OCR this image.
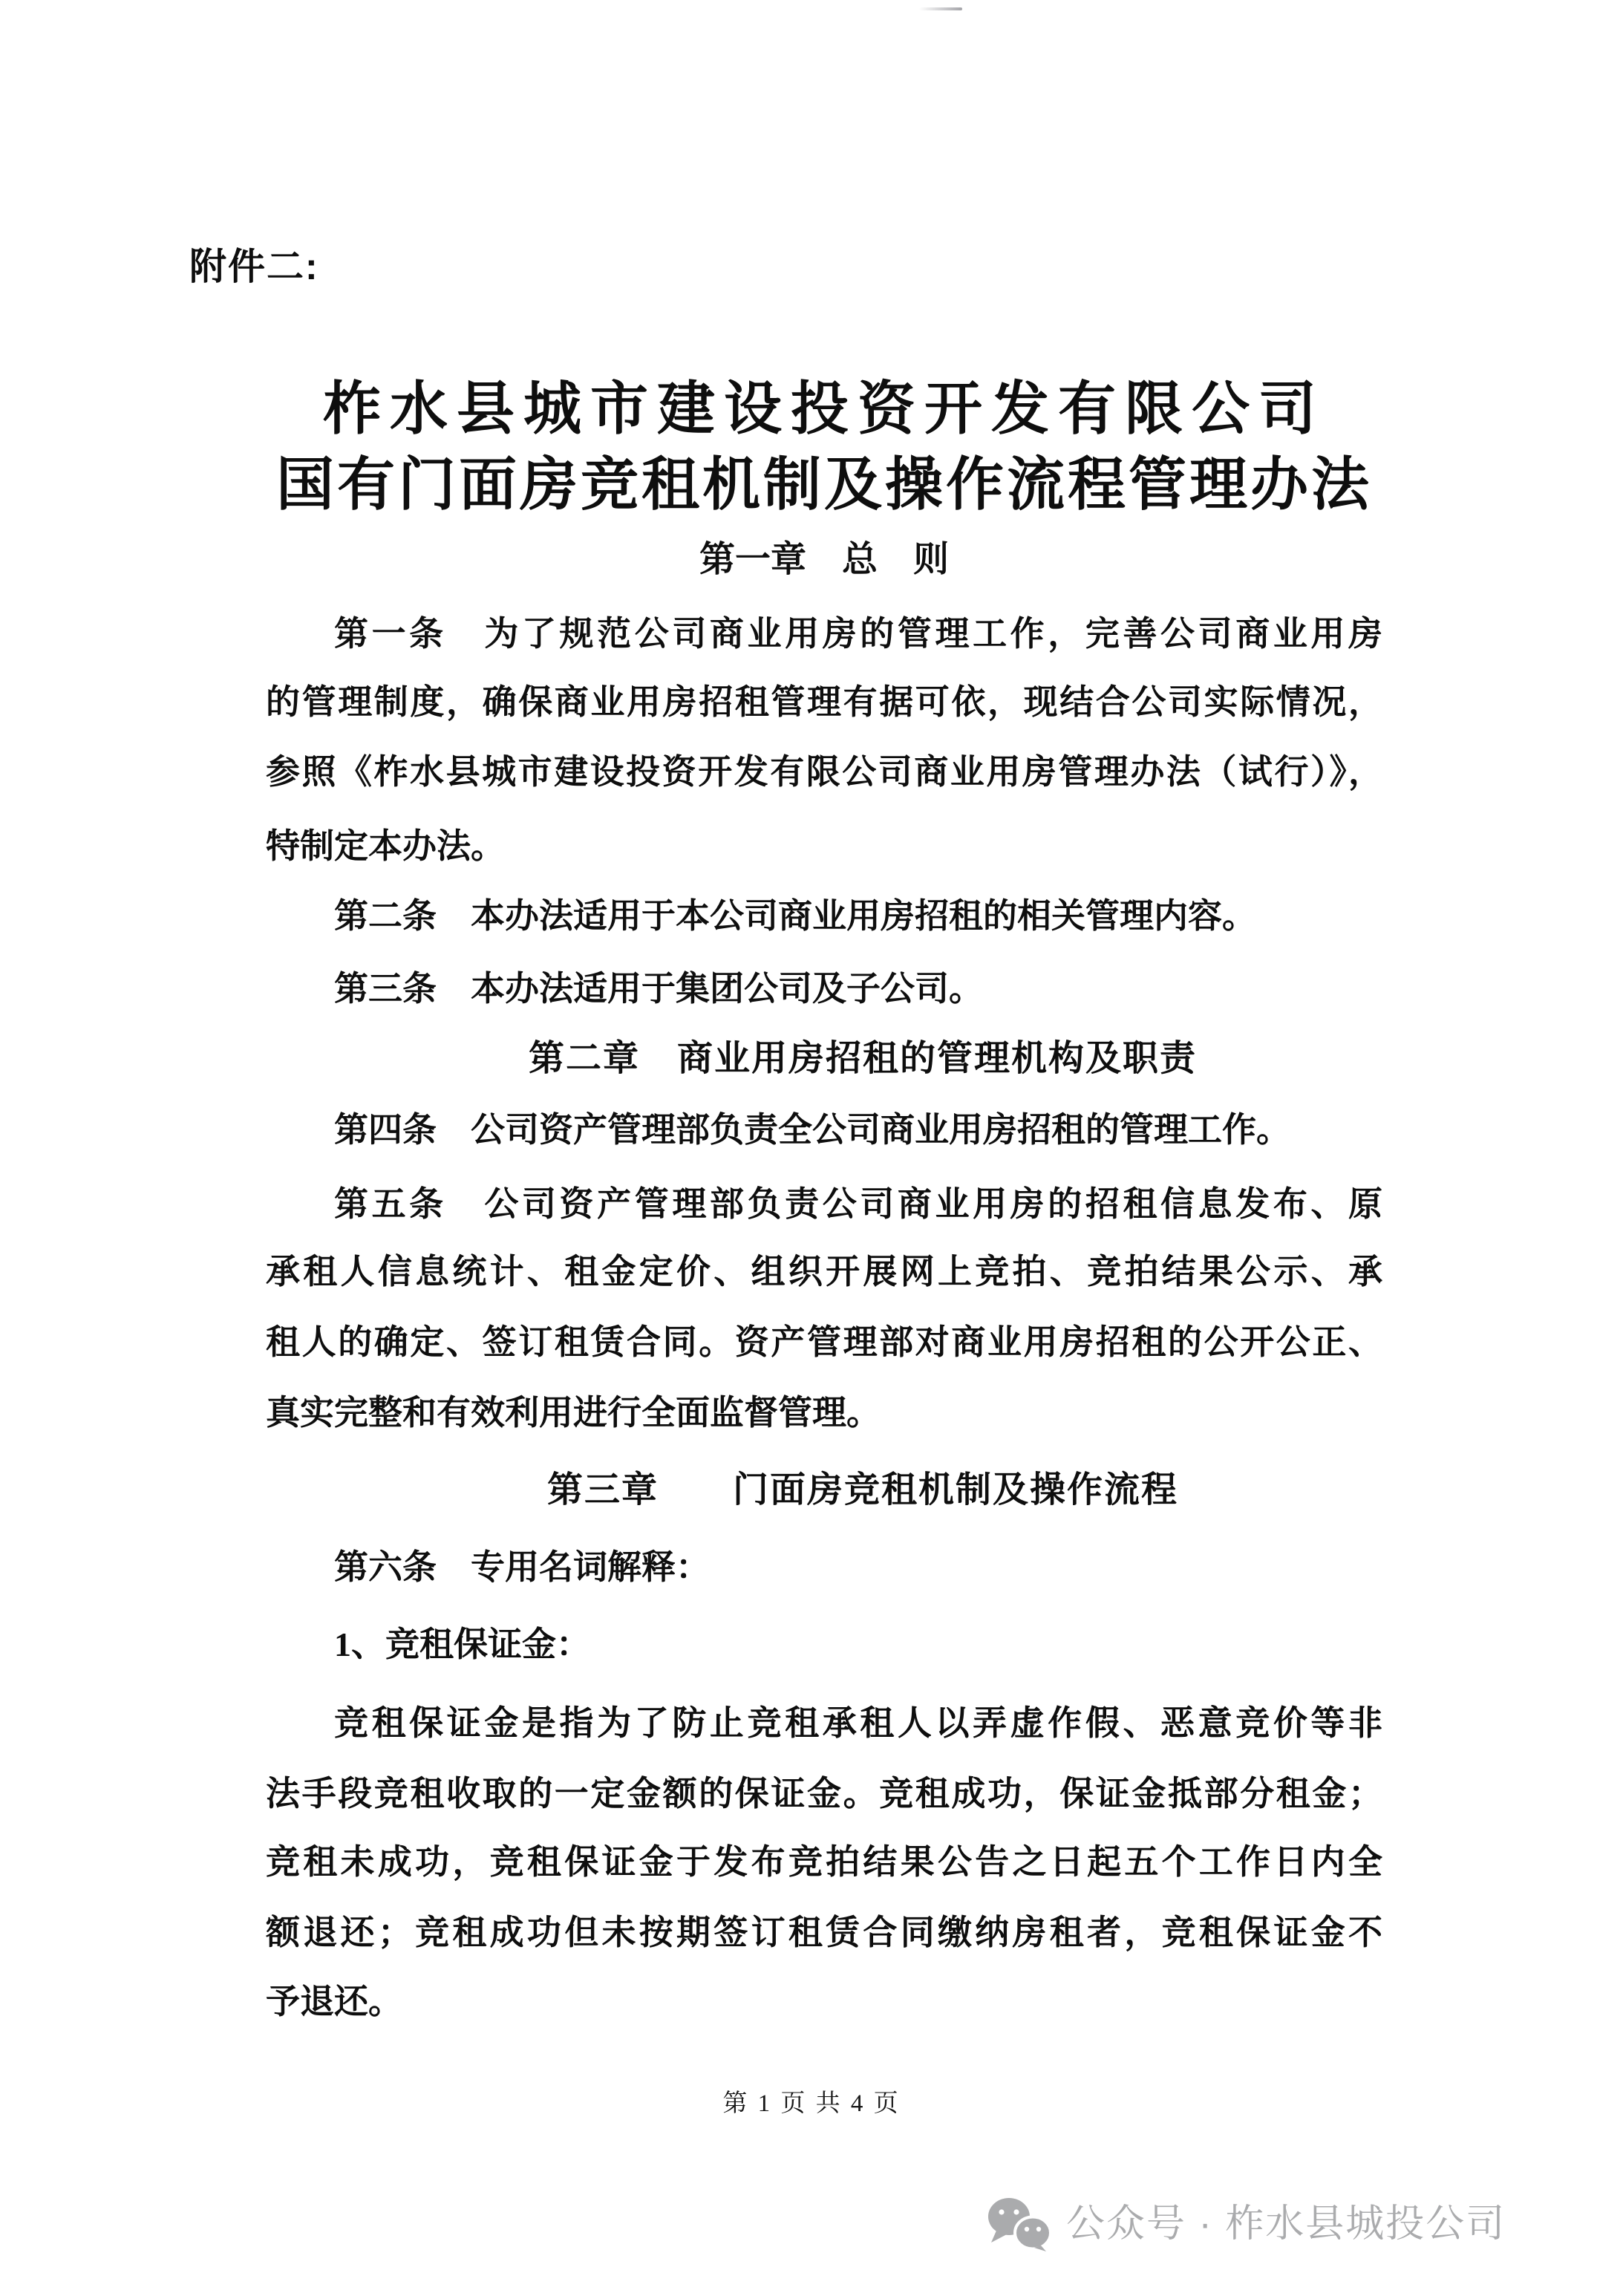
附件二:
柞水县城市建设投资开发有限公司
国有门面房竞租机制及操作流程管理办法
第一章　总　则
第一条　为了规范公司商业用房的管理工作，完善公司商业用房
的管理制度，确保商业用房招租管理有据可依，现结合公司实际情况，
参照《柞水县城市建设投资开发有限公司商业用房管理办法（试行）》，
特制定本办法。
第二条　本办法适用于本公司商业用房招租的相关管理内容。
第三条　本办法适用于集团公司及子公司。
第二章　商业用房招租的管理机构及职责
第四条　公司资产管理部负责全公司商业用房招租的管理工作。
第五条　公司资产管理部负责公司商业用房的招租信息发布、原
承租人信息统计、租金定价、组织开展网上竞拍、竞拍结果公示、承
租人的确定、签订租赁合同。资产管理部对商业用房招租的公开公正、
真实完整和有效利用进行全面监督管理。
第三章　　门面房竞租机制及操作流程
第六条　专用名词解释：
1、竞租保证金：
竞租保证金是指为了防止竞租承租人以弄虚作假、恶意竞价等非
法手段竞租收取的一定金额的保证金。竞租成功，保证金抵部分租金；
竞租未成功，竞租保证金于发布竞拍结果公告之日起五个工作日内全
额退还；竞租成功但未按期签订租赁合同缴纳房租者，竞租保证金不
予退还。
第 1 页 共 4 页
公众号 · 柞水县城投公司
